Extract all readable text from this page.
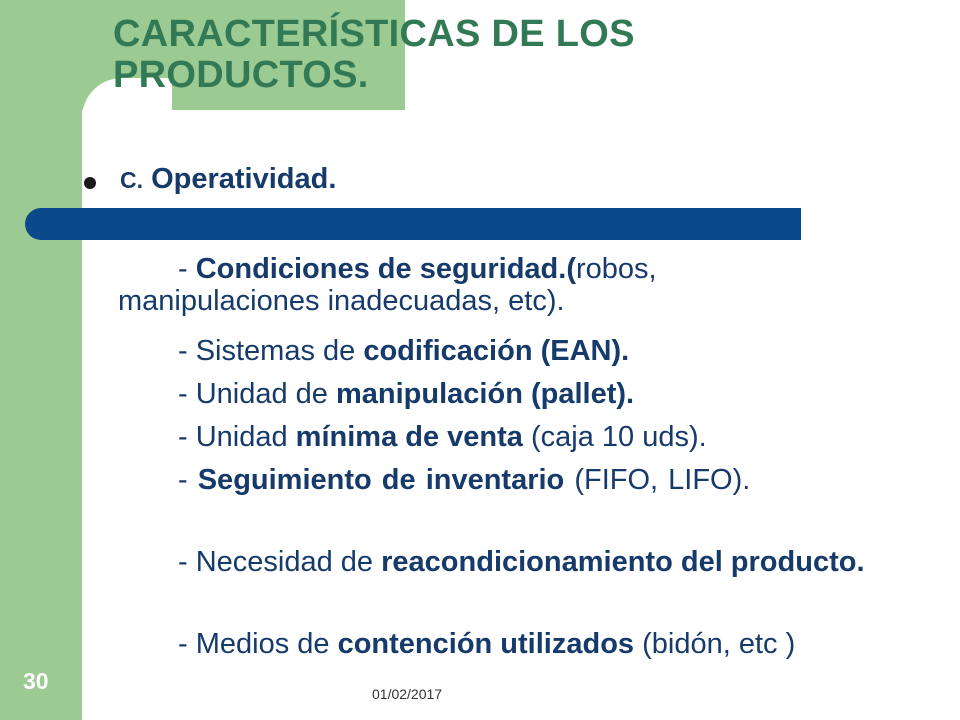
CARACTERÍSTICAS DE LOS
PRODUCTOS.
C. Operatividad.
- Condiciones de seguridad.(robos, manipulaciones inadecuadas, etc).
- Sistemas de codificación (EAN).
- Unidad de manipulación (pallet).
- Unidad mínima de venta (caja 10 uds).
- Seguimiento de inventario (FIFO, LIFO).
- Necesidad de reacondicionamiento del producto.
- Medios de contención utilizados (bidón, etc )
30	01/02/2017
